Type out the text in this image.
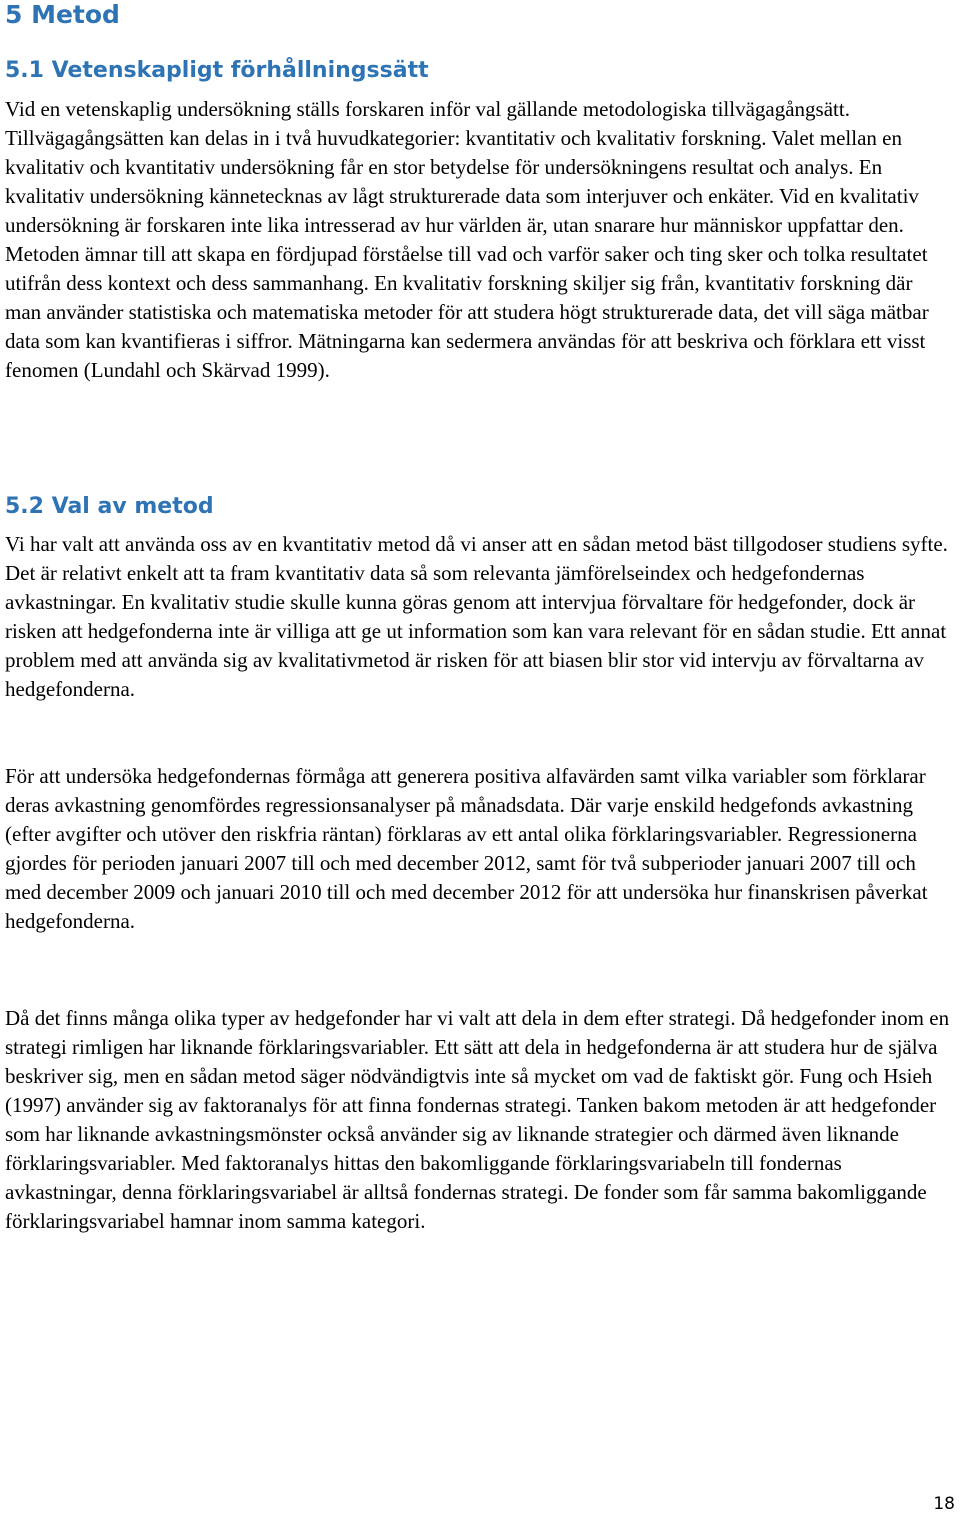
5 Metod
5.1 Vetenskapligt förhållningssätt

Vid en vetenskaplig undersökning ställs forskaren inför val gällande metodologiska tillvägagångsätt. Tillvägagångsätten kan delas in i två huvudkategorier: kvantitativ och kvalitativ forskning. Valet mellan en kvalitativ och kvantitativ undersökning får en stor betydelse för undersökningens resultat och analys. En kvalitativ undersökning kännetecknas av lågt strukturerade data som interjuver och enkäter. Vid en kvalitativ undersökning är forskaren inte lika intresserad av hur världen är, utan snarare hur människor uppfattar den. Metoden ämnar till att skapa en fördjupad förståelse till vad och varför saker och ting sker och tolka resultatet utifrån dess kontext och dess sammanhang. En kvalitativ forskning skiljer sig från, kvantitativ forskning där man använder statistiska och matematiska metoder för att studera högt strukturerade data, det vill säga mätbar data som kan kvantifieras i siffror. Mätningarna kan sedermera användas för att beskriva och förklara ett visst fenomen (Lundahl och Skärvad 1999).

5.2 Val av metod

Vi har valt att använda oss av en kvantitativ metod då vi anser att en sådan metod bäst tillgodoser studiens syfte. Det är relativt enkelt att ta fram kvantitativ data så som relevanta jämförelseindex och hedgefondernas avkastningar. En kvalitativ studie skulle kunna göras genom att intervjua förvaltare för hedgefonder, dock är risken att hedgefonderna inte är villiga att ge ut information som kan vara relevant för en sådan studie. Ett annat problem med att använda sig av kvalitativmetod är risken för att biasen blir stor vid intervju av förvaltarna av hedgefonderna.

För att undersöka hedgefondernas förmåga att generera positiva alfavärden samt vilka variabler som förklarar deras avkastning genomfördes regressionsanalyser på månadsdata. Där varje enskild hedgefonds avkastning (efter avgifter och utöver den riskfria räntan) förklaras av ett antal olika förklaringsvariabler. Regressionerna gjordes för perioden januari 2007 till och med december 2012, samt för två subperioder januari 2007 till och med december 2009 och januari 2010 till och med december 2012 för att undersöka hur finanskrisen påverkat hedgefonderna.

Då det finns många olika typer av hedgefonder har vi valt att dela in dem efter strategi. Då hedgefonder inom en strategi rimligen har liknande förklaringsvariabler. Ett sätt att dela in hedgefonderna är att studera hur de själva beskriver sig, men en sådan metod säger nödvändigtvis inte så mycket om vad de faktiskt gör. Fung och Hsieh (1997) använder sig av faktoranalys för att finna fondernas strategi. Tanken bakom metoden är att hedgefonder som har liknande avkastningsmönster också använder sig av liknande strategier och därmed även liknande förklaringsvariabler. Med faktoranalys hittas den bakomliggande förklaringsvariabeln till fondernas avkastningar, denna förklaringsvariabel är alltså fondernas strategi. De fonder som får samma bakomliggande förklaringsvariabel hamnar inom samma kategori.

18
